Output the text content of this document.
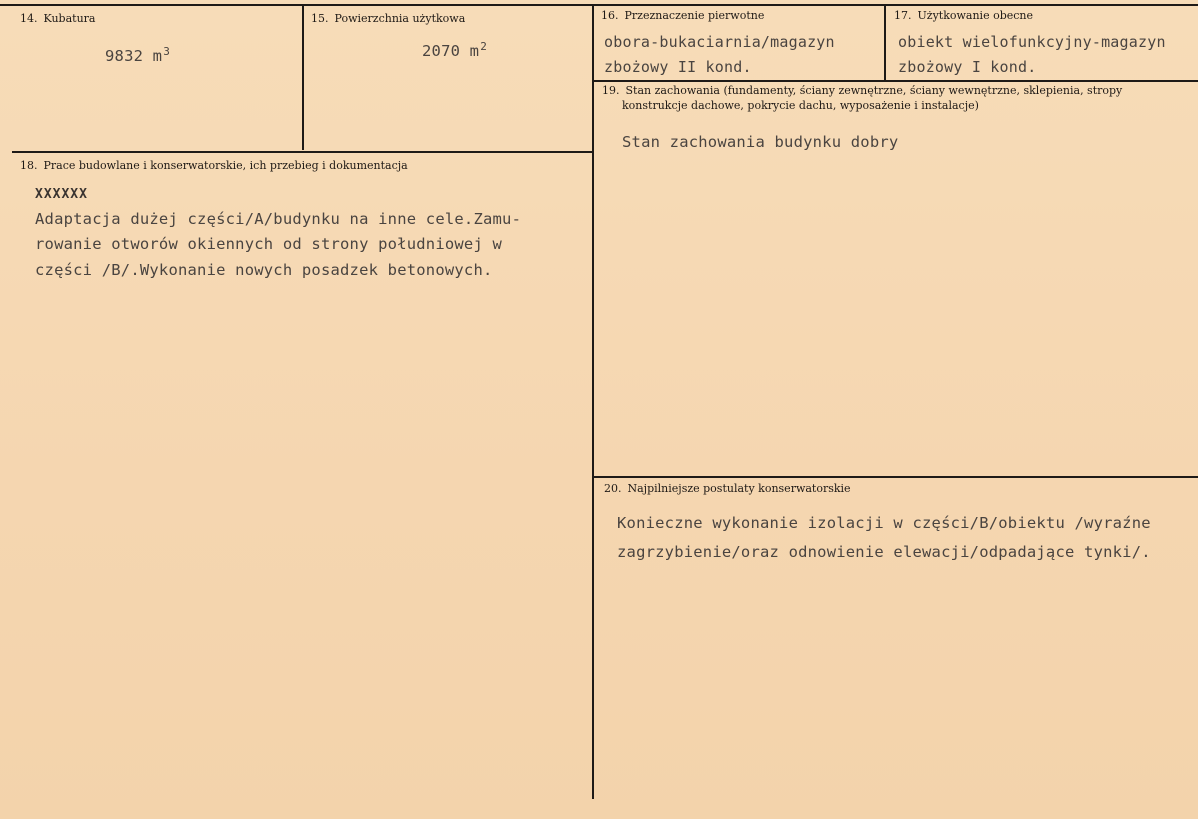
14. Kubatura
9832 $m^3$
15. Powierzchnia użytkowa
2070 $m^2$
16. Przeznaczenie pierwotne
obora-bukaciarnia/magazyn
zbożowy II kond.
17. Użytkowanie obecne
obiekt wielofunkcyjny-magazyn
zbożowy I kond.
18. Prace budowlane i konserwatorskie, ich przebieg i dokumentacja
XXXXXX
Adaptacja dużej części/A/budynku na inne cele.Zamu-
rowanie otworów okiennych od strony południowej w
części /B/.Wykonanie nowych posadzek betonowych.
19. Stan zachowania (fundamenty, ściany zewnętrzne, ściany wewnętrzne, sklepienia, stropy
konstrukcje dachowe, pokrycie dachu, wyposażenie i instalacje)
Stan zachowania budynku dobry
20. Najpilniejsze postulaty konserwatorskie
Konieczne wykonanie izolacji w części/B/obiektu /wyraźne
zagrzybienie/oraz odnowienie elewacji/odpadające tynki/.
